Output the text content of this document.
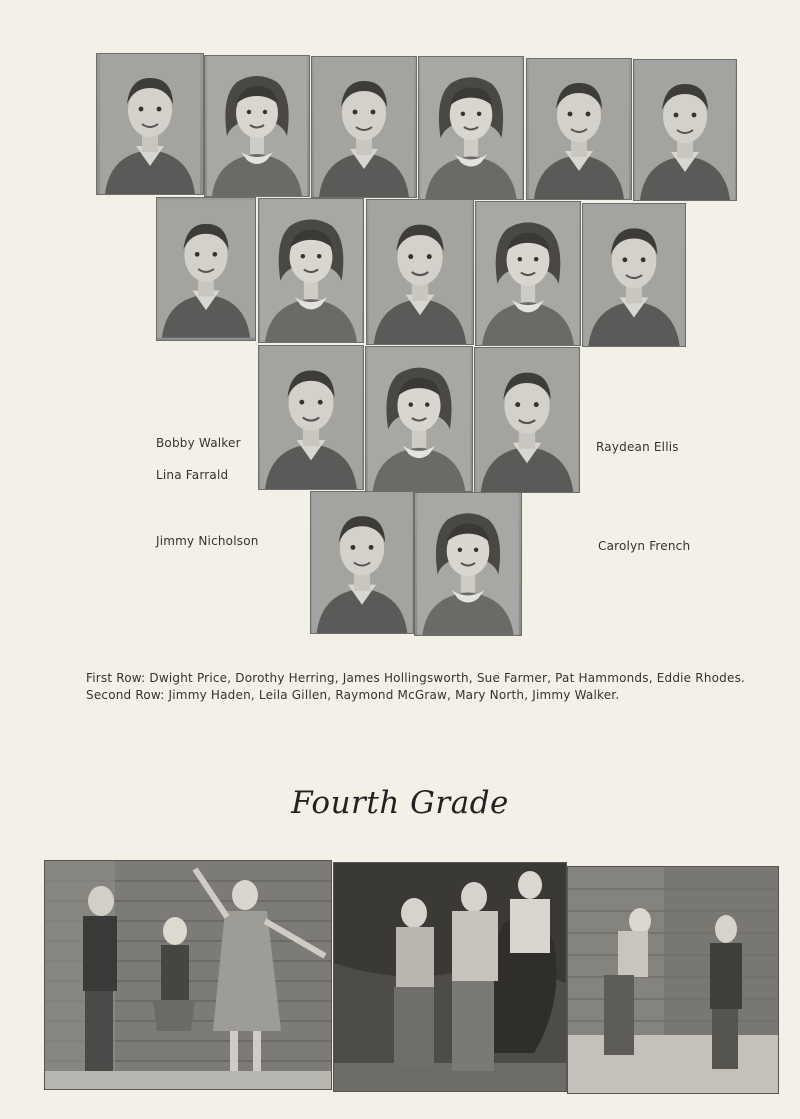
Bobby Walker
Lina Farrald
Jimmy Nicholson
Raydean Ellis
Carolyn French
First Row: Dwight Price, Dorothy Herring, James Hollingsworth, Sue Farmer, Pat Hammonds, Eddie Rhodes.
Second Row: Jimmy Haden, Leila Gillen, Raymond McGraw, Mary North, Jimmy Walker.
Fourth Grade
